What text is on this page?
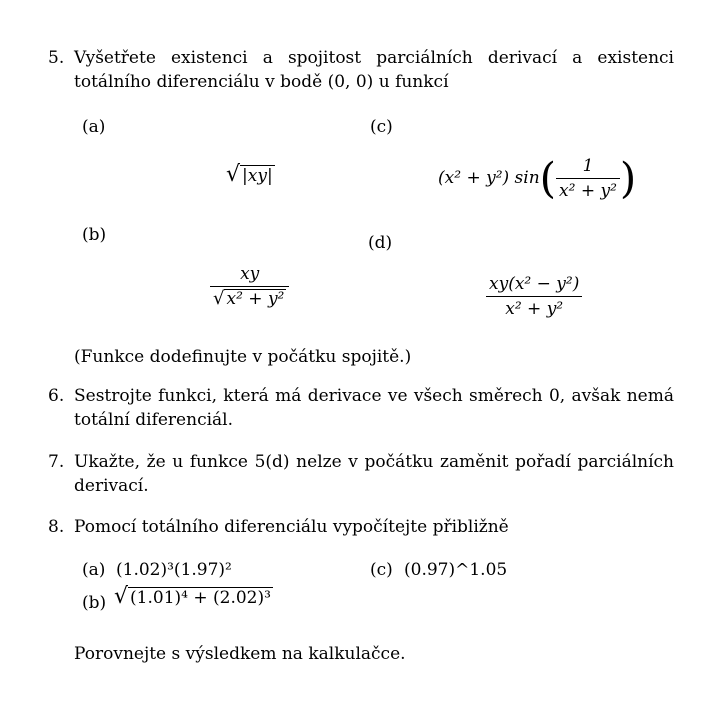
5. Vyšetřete existenci a spojitost parciálních derivací a existenci totálního diferenciálu v bodě (0, 0) u funkcí
(a)	(c)
√ |xy|	(x² + y²) $\sin( \frac{1}{\text{x² + y²}}$ )
(b)	(d)
$\frac{xy}{\text{√ x² + y²}}$	$\frac{\text{xy(x² − y²)}}{\text{x² + y²}}$
(Funkce dodefinujte v počátku spojitě.)
6. Sestrojte funkci, která má derivace ve všech směrech 0, avšak nemá totální diferenciál.
7. Ukažte, že u funkce 5(d) nelze v počátku zaměnit pořadí parciálních derivací.
8. Pomocí totálního diferenciálu vypočítejte přibližně
(a) (1.02)³(1.97)²	(c) (0.97)^1.05
(b) √ (1.01)⁴ + (2.02)³
Porovnejte s výsledkem na kalkulačce.
